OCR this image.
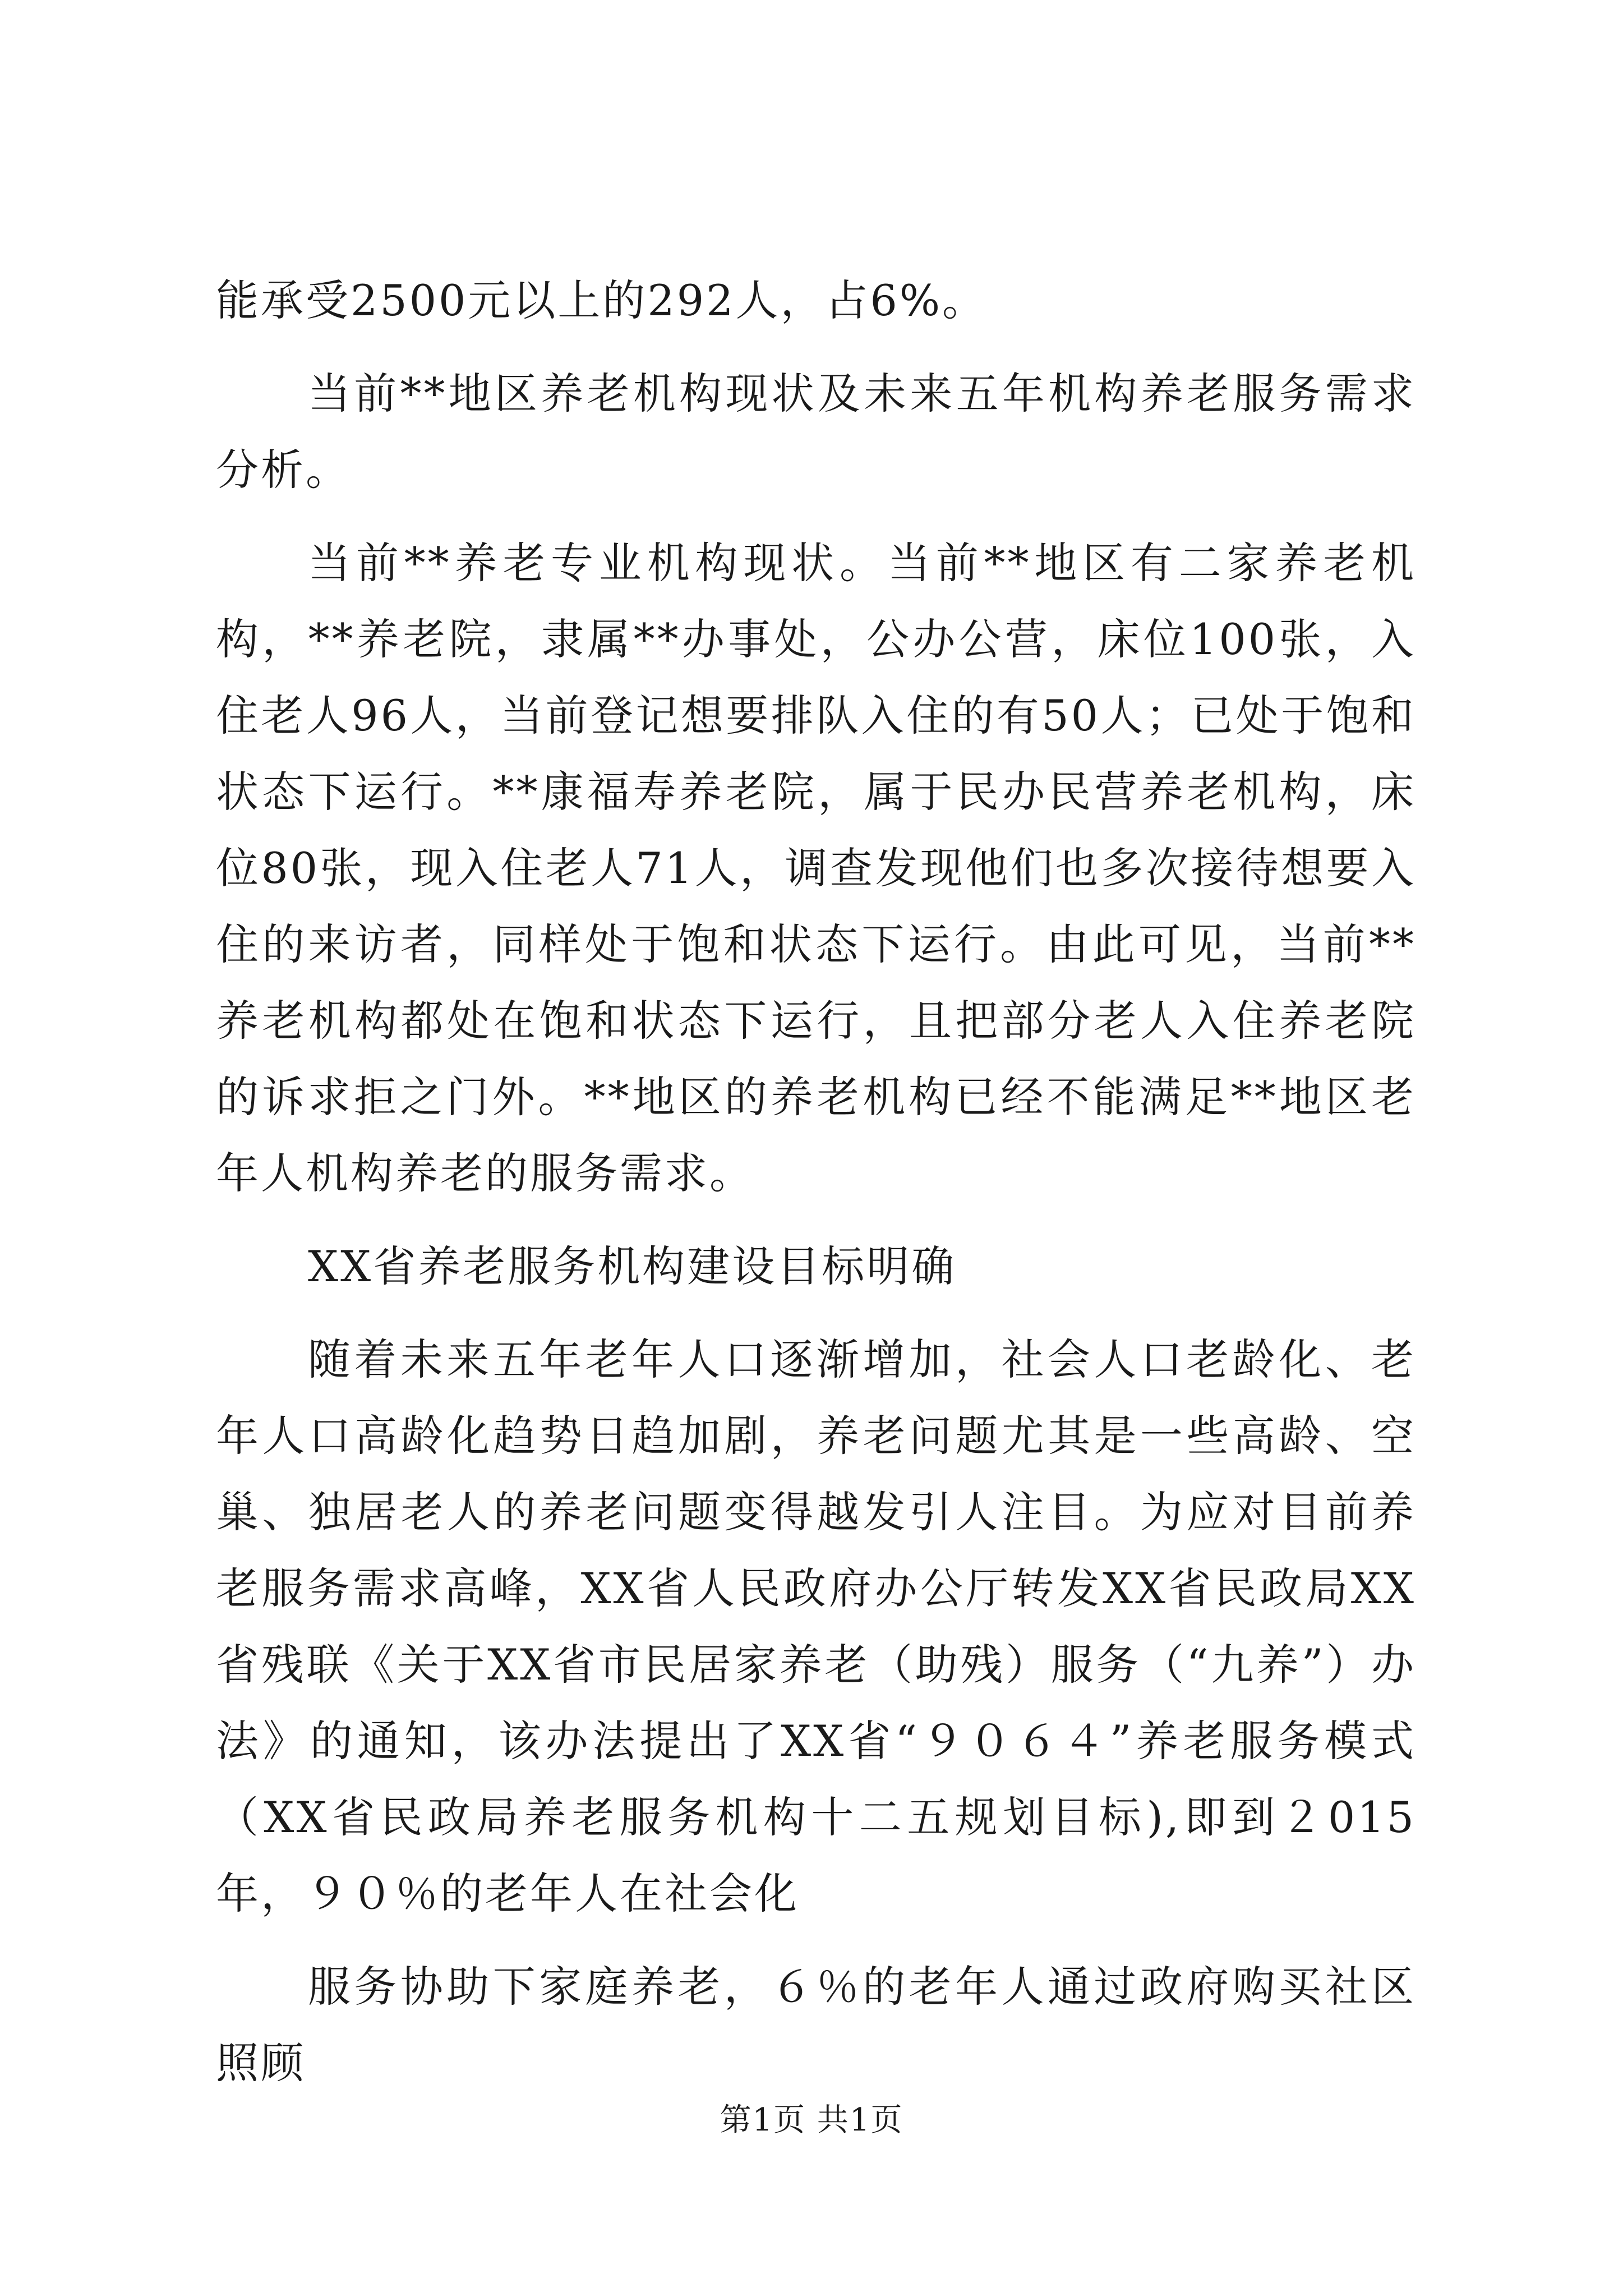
能承受2500元以上的292人，占6%。

当前**地区养老机构现状及未来五年机构养老服务需求分析。

当前**养老专业机构现状。当前**地区有二家养老机构，**养老院，隶属**办事处，公办公营，床位100张，入住老人96人，当前登记想要排队入住的有50人；已处于饱和状态下运行。**康福寿养老院，属于民办民营养老机构，床位80张，现入住老人71人，调查发现他们也多次接待想要入住的来访者，同样处于饱和状态下运行。由此可见，当前**养老机构都处在饱和状态下运行，且把部分老人入住养老院的诉求拒之门外。**地区的养老机构已经不能满足**地区老年人机构养老的服务需求。

XX省养老服务机构建设目标明确

随着未来五年老年人口逐渐增加，社会人口老龄化、老年人口高龄化趋势日趋加剧，养老问题尤其是一些高龄、空巢、独居老人的养老问题变得越发引人注目。为应对目前养老服务需求高峰，XX省人民政府办公厅转发XX省民政局XX省残联《关于XX省市民居家养老（助残）服务（“九养”）办法》的通知，该办法提出了XX省“９０６４”养老服务模式（XX省民政局养老服务机构十二五规划目标),即到２015年，９０％的老年人在社会化

服务协助下家庭养老，６％的老年人通过政府购买社区照顾

第1页 共1页
